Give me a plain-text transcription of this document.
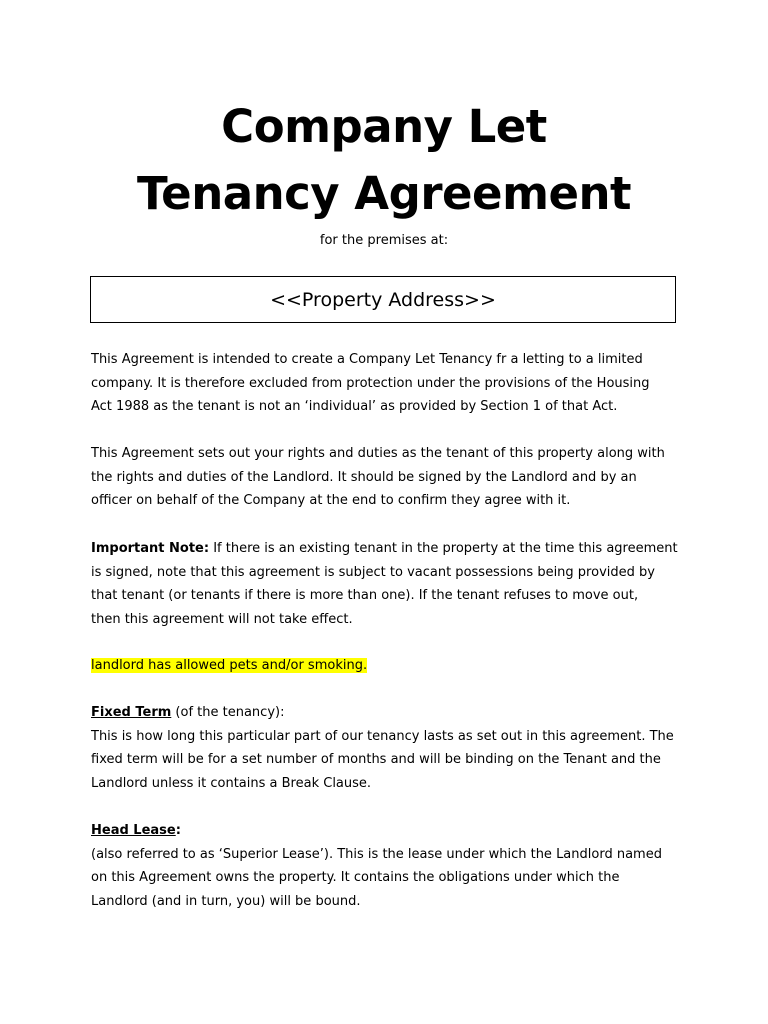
Company Let
Tenancy Agreement
for the premises at:
<<Property Address>>

This Agreement is intended to create a Company Let Tenancy fr a letting to a limited
company. It is therefore excluded from protection under the provisions of the Housing
Act 1988 as the tenant is not an ‘individual’ as provided by Section 1 of that Act.

This Agreement sets out your rights and duties as the tenant of this property along with
the rights and duties of the Landlord. It should be signed by the Landlord and by an
officer on behalf of the Company at the end to confirm they agree with it.

Important Note: If there is an existing tenant in the property at the time this agreement
is signed, note that this agreement is subject to vacant possessions being provided by
that tenant (or tenants if there is more than one). If the tenant refuses to move out,
then this agreement will not take effect.

landlord has allowed pets and/or smoking.

Fixed Term (of the tenancy):
This is how long this particular part of our tenancy lasts as set out in this agreement. The
fixed term will be for a set number of months and will be binding on the Tenant and the
Landlord unless it contains a Break Clause.

Head Lease:
(also referred to as ‘Superior Lease’). This is the lease under which the Landlord named
on this Agreement owns the property. It contains the obligations under which the
Landlord (and in turn, you) will be bound.
